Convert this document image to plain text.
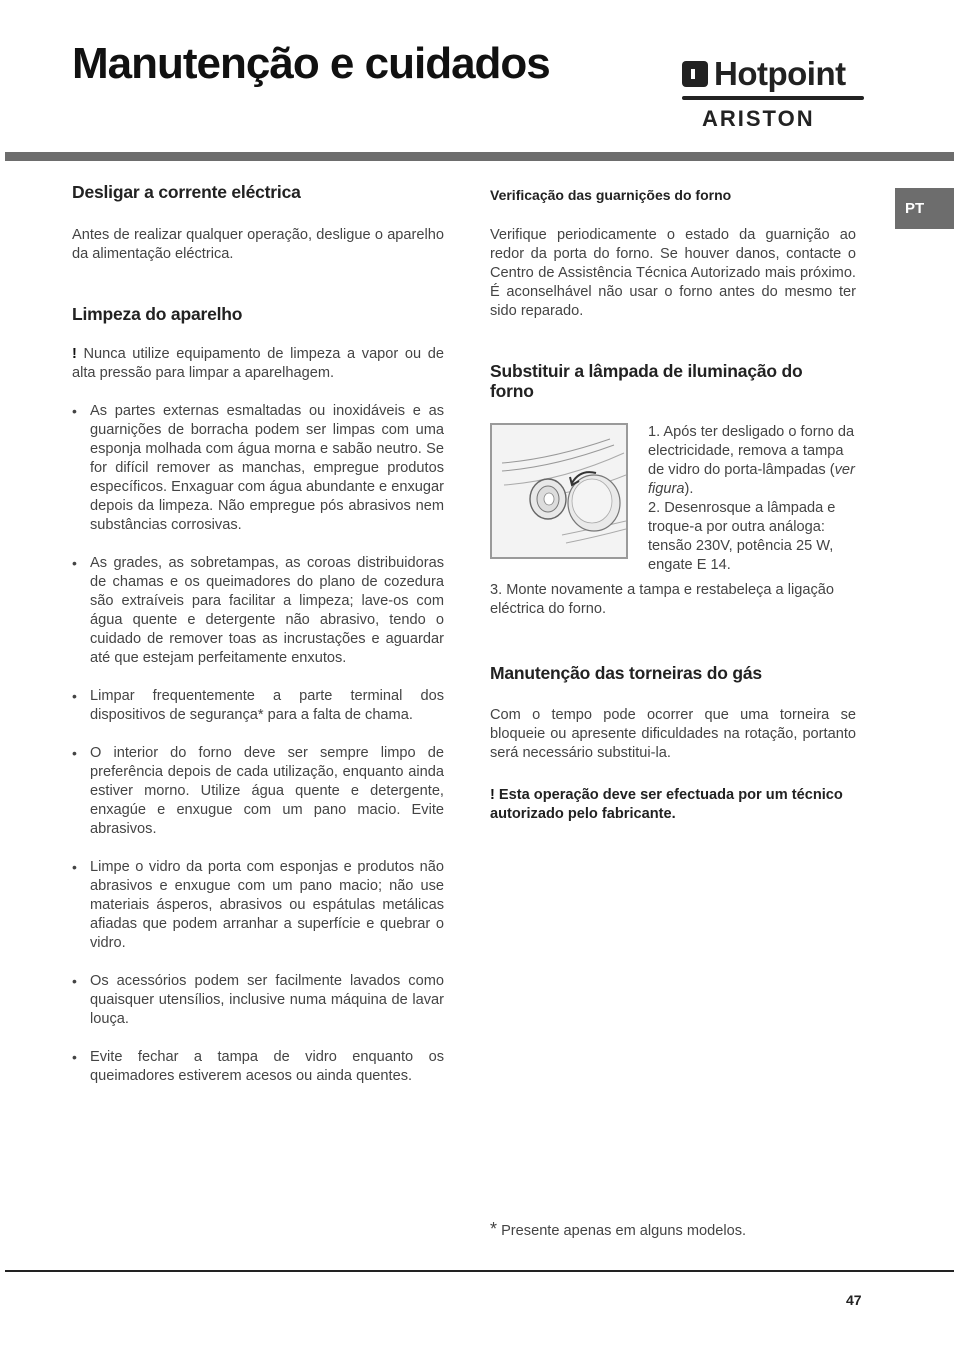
Manutenção e cuidados	Hotpoint
ARISTON
PT
Desligar a corrente eléctrica

Antes de realizar qualquer operação, desligue o aparelho da alimentação eléctrica.

Limpeza do aparelho

! Nunca utilize equipamento de limpeza a vapor ou de alta pressão para limpar a aparelhagem.

• As partes externas esmaltadas ou inoxidáveis e as guarnições de borracha podem ser limpas com uma esponja molhada com água morna e sabão neutro. Se for difícil remover as manchas, empregue produtos específicos. Enxaguar com água abundante e enxugar depois da limpeza. Não empregue pós abrasivos nem substâncias corrosivas.
• As grades, as sobretampas, as coroas distribuidoras de chamas e os queimadores do plano de cozedura são extraíveis para facilitar a limpeza; lave-os com água quente e detergente não abrasivo, tendo o cuidado de remover toas as incrustações e aguardar até que estejam perfeitamente enxutos.
• Limpar frequentemente a parte terminal dos dispositivos de segurança* para a falta de chama.
• O interior do forno deve ser sempre limpo de preferência depois de cada utilização, enquanto ainda estiver morno. Utilize água quente e detergente, enxagúe e enxugue com um pano macio. Evite abrasivos.
• Limpe o vidro da porta com esponjas e produtos não abrasivos e enxugue com um pano macio; não use materiais ásperos, abrasivos ou espátulas metálicas afiadas que podem arranhar a superfície e quebrar o vidro.
• Os acessórios podem ser facilmente lavados como quaisquer utensílios, inclusive numa máquina de lavar louça.
• Evite fechar a tampa de vidro enquanto os queimadores estiverem acesos ou ainda quentes.
Verificação das guarnições do forno

Verifique periodicamente o estado da guarnição ao redor da porta do forno. Se houver danos, contacte o Centro de Assistência Técnica Autorizado mais próximo. É aconselhável não usar o forno antes do mesmo ter sido reparado.

Substituir a lâmpada de iluminação do forno
1. Após ter desligado o forno da electricidade, remova a tampa de vidro do porta-lâmpadas (ver figura).
2. Desenrosque a lâmpada e troque-a por outra análoga: tensão 230V, potência 25 W, engate E 14.

3. Monte novamente a tampa e restabeleça a ligação eléctrica do forno.

Manutenção das torneiras do gás

Com o tempo pode ocorrer que uma torneira se bloqueie ou apresente dificuldades na rotação, portanto será necessário substitui-la.

! Esta operação deve ser efectuada por um técnico autorizado pelo fabricante.

* Presente apenas em alguns modelos.
47
